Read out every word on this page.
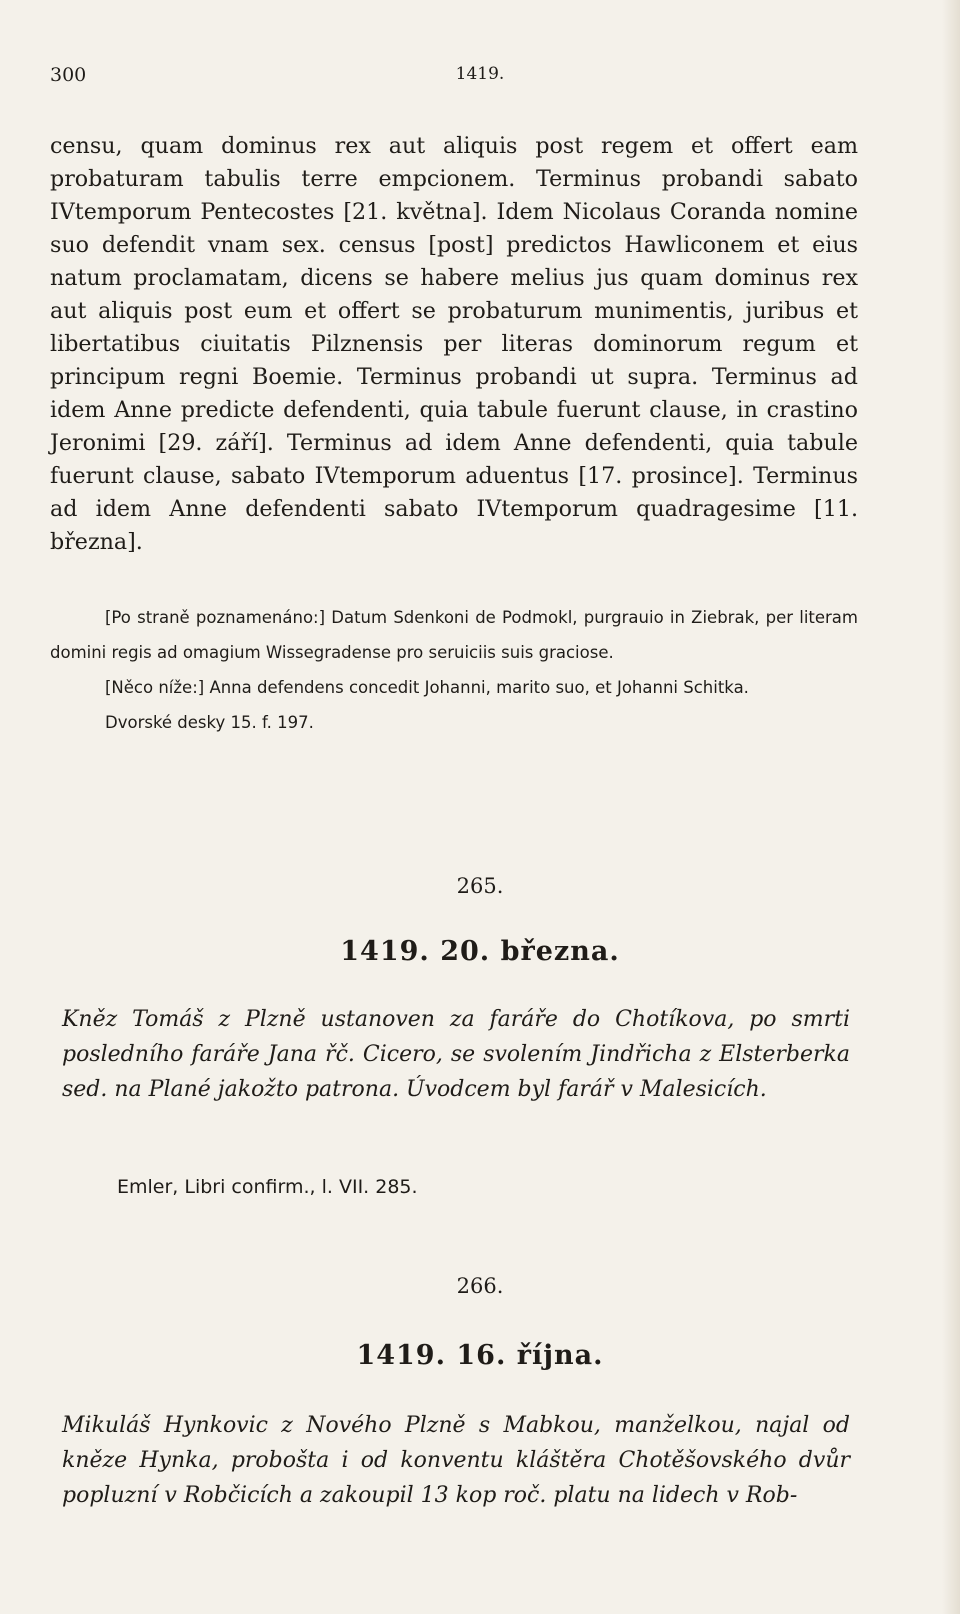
300	1419.

censu, quam dominus rex aut aliquis post regem et offert eam probaturam tabulis terre empcionem. Terminus probandi sabato IVtemporum Pentecostes [21. května]. Idem Nicolaus Coranda nomine suo defendit vnam sex. census [post] predictos Hawliconem et eius natum proclamatam, dicens se habere melius jus quam dominus rex aut aliquis post eum et offert se probaturum munimentis, juribus et libertatibus ciuitatis Pilznensis per literas dominorum regum et principum regni Boemie. Terminus probandi ut supra. Terminus ad idem Anne predicte defendenti, quia tabule fuerunt clause, in crastino Jeronimi [29. září]. Terminus ad idem Anne defendenti, quia tabule fuerunt clause, sabato IVtemporum aduentus [17. prosince]. Terminus ad idem Anne defendenti sabato IVtemporum quadragesime [11. března].

[Po straně poznamenáno:] Datum Sdenkoni de Podmokl, purgrauio in Ziebrak, per literam domini regis ad omagium Wissegradense pro seruiciis suis graciose.

[Něco níže:] Anna defendens concedit Johanni, marito suo, et Johanni Schitka.

Dvorské desky 15. f. 197.

265.
1419. 20. března.

Kněz Tomáš z Plzně ustanoven za faráře do Chotíkova, po smrti posledního faráře Jana řč. Cicero, se svolením Jindřicha z Elsterberka sed. na Plané jakožto patrona. Úvodcem byl farář v Malesicích.

Emler, Libri confirm., l. VII. 285.
266.
1419. 16. října.

Mikuláš Hynkovic z Nového Plzně s Mabkou, manželkou, najal od kněze Hynka, probošta i od konventu kláštěra Chotěšovského dvůr popluzní v Robčicích a zakoupil 13 kop roč. platu na lidech v Rob-
